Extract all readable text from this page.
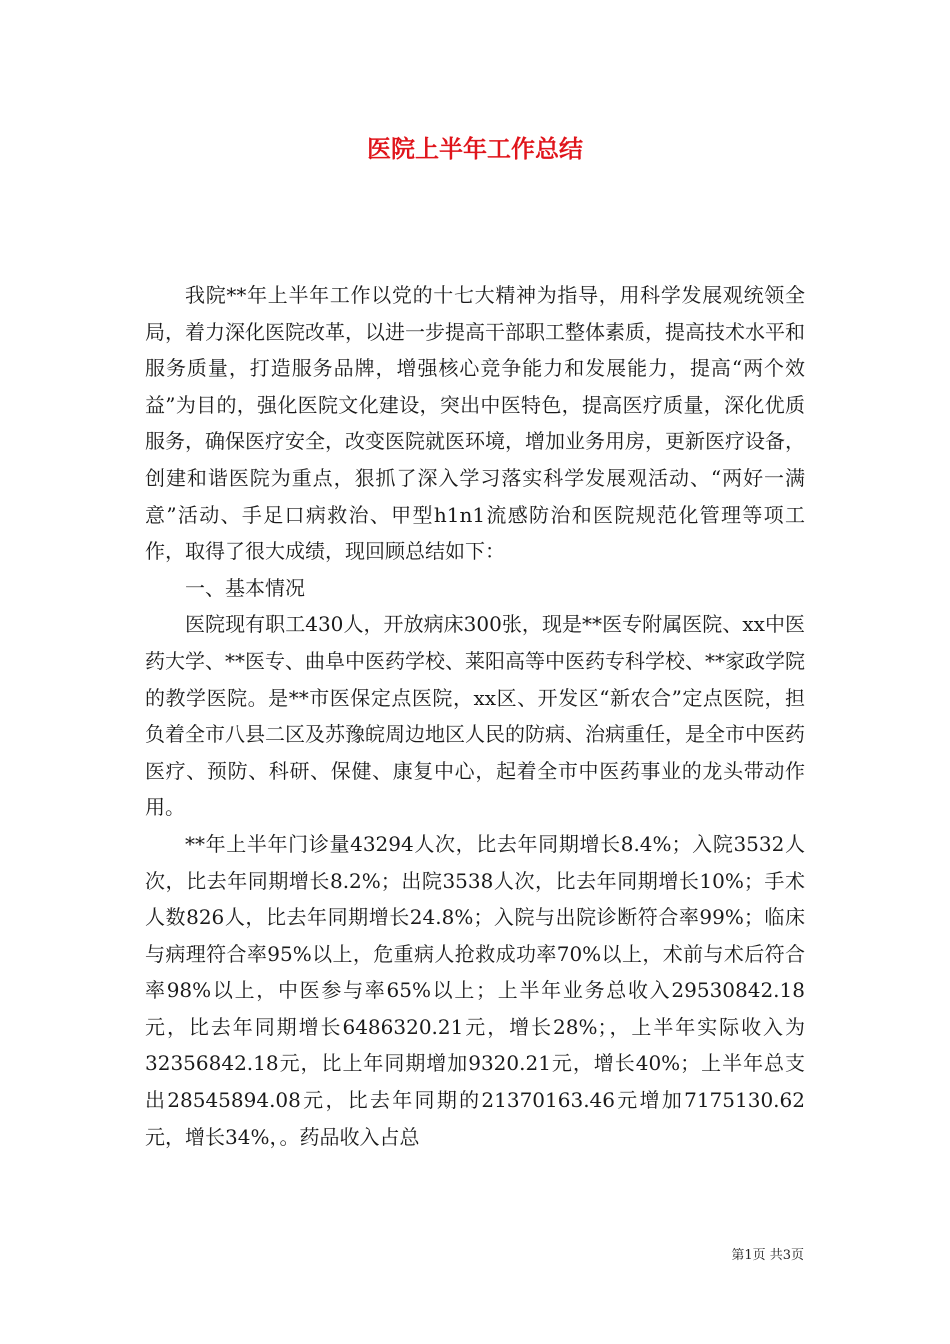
医院上半年工作总结

我院**年上半年工作以党的十七大精神为指导，用科学发展观统领全局，着力深化医院改革，以进一步提高干部职工整体素质，提高技术水平和服务质量，打造服务品牌，增强核心竞争能力和发展能力，提高“两个效益”为目的，强化医院文化建设，突出中医特色，提高医疗质量，深化优质服务，确保医疗安全，改变医院就医环境，增加业务用房，更新医疗设备，创建和谐医院为重点，狠抓了深入学习落实科学发展观活动、“两好一满意”活动、手足口病救治、甲型h1n1流感防治和医院规范化管理等项工作，取得了很大成绩，现回顾总结如下：

一、基本情况

医院现有职工430人，开放病床300张，现是**医专附属医院、xx中医药大学、**医专、曲阜中医药学校、莱阳高等中医药专科学校、**家政学院的教学医院。是**市医保定点医院，xx区、开发区“新农合”定点医院，担负着全市八县二区及苏豫皖周边地区人民的防病、治病重任，是全市中医药医疗、预防、科研、保健、康复中心，起着全市中医药事业的龙头带动作用。

**年上半年门诊量43294人次，比去年同期增长8.4%；入院3532人次，比去年同期增长8.2%；出院3538人次，比去年同期增长10%；手术人数826人，比去年同期增长24.8%；入院与出院诊断符合率99%；临床与病理符合率95%以上，危重病人抢救成功率70%以上，术前与术后符合率98%以上，中医参与率65%以上；上半年业务总收入29530842.18元，比去年同期增长6486320.21元，增长28%；，上半年实际收入为32356842.18元，比上年同期增加9320.21元，增长40%；上半年总支出28545894.08元，比去年同期的21370163.46元增加7175130.62元，增长34%，。药品收入占总

第1页 共3页
